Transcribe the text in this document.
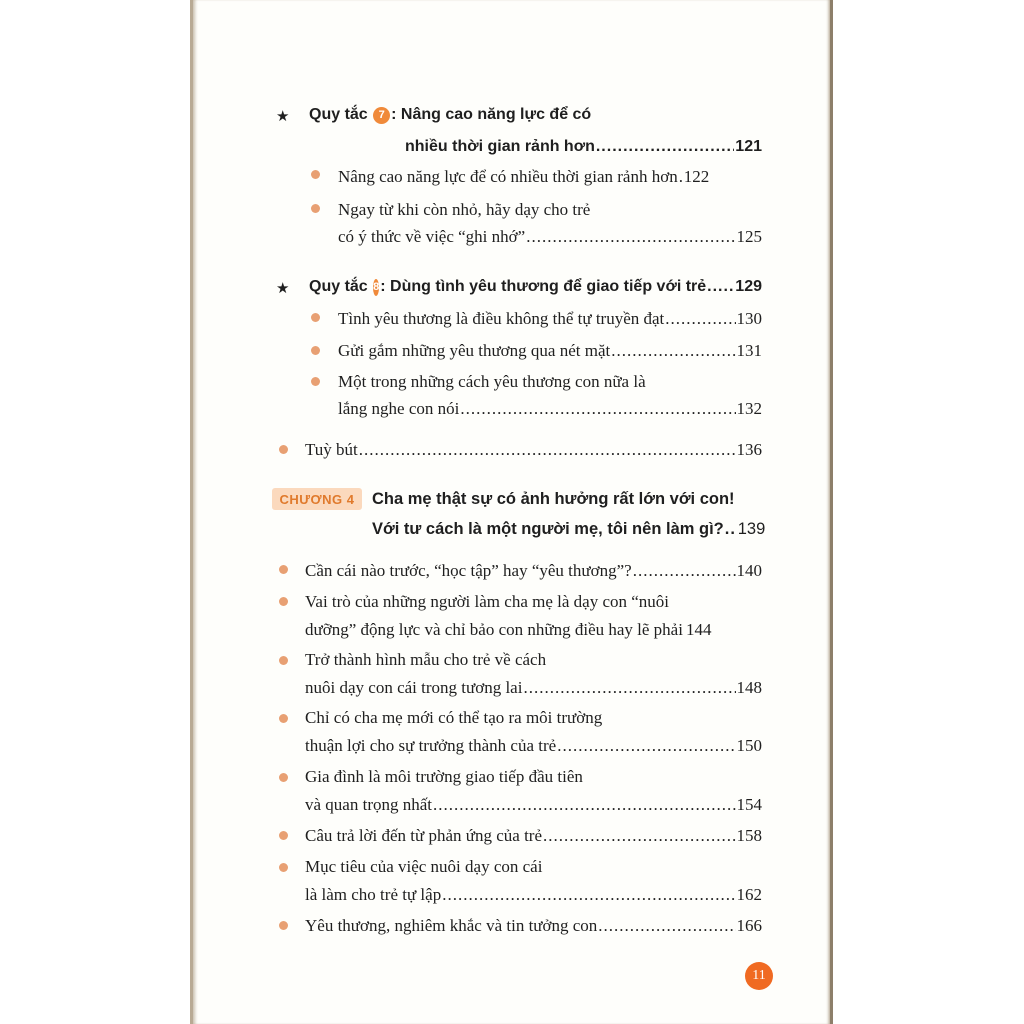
★ Quy tắc
7 : Nâng cao năng lực để có
nhiều thời gian rảnh hơn .....	121
Nâng cao năng lực để có nhiều thời gian rảnh hơn ..... 122
Ngay từ khi còn nhỏ, hãy dạy cho trẻ
có ý thức về việc “ghi nhớ” .....	125
★ Quy tắc
8 : Dùng tình yêu thương để giao tiếp với trẻ ..... 129
Tình yêu thương là điều không thể tự truyền đạt .....	130
Gửi gắm những yêu thương qua nét mặt .....	131
Một trong những cách yêu thương con nữa là
lắng nghe con nói .....	132
Tuỳ bút .....	136
CHƯƠNG 4	Cha mẹ thật sự có ảnh hưởng rất lớn với con!
Với tư cách là một người mẹ, tôi nên làm gì? ..... 139
Cần cái nào trước, “học tập” hay “yêu thương”? .....	140
Vai trò của những người làm cha mẹ là dạy con “nuôi
dưỡng” động lực và chỉ bảo con những điều hay lẽ phải ..... 144
Trở thành hình mẫu cho trẻ về cách
nuôi dạy con cái trong tương lai .....	148
Chỉ có cha mẹ mới có thể tạo ra môi trường
thuận lợi cho sự trưởng thành của trẻ .....	150
Gia đình là môi trường giao tiếp đầu tiên
và quan trọng nhất .....	154
Câu trả lời đến từ phản ứng của trẻ .....	158
Mục tiêu của việc nuôi dạy con cái
là làm cho trẻ tự lập .....	162
Yêu thương, nghiêm khắc và tin tưởng con .....	166
11
